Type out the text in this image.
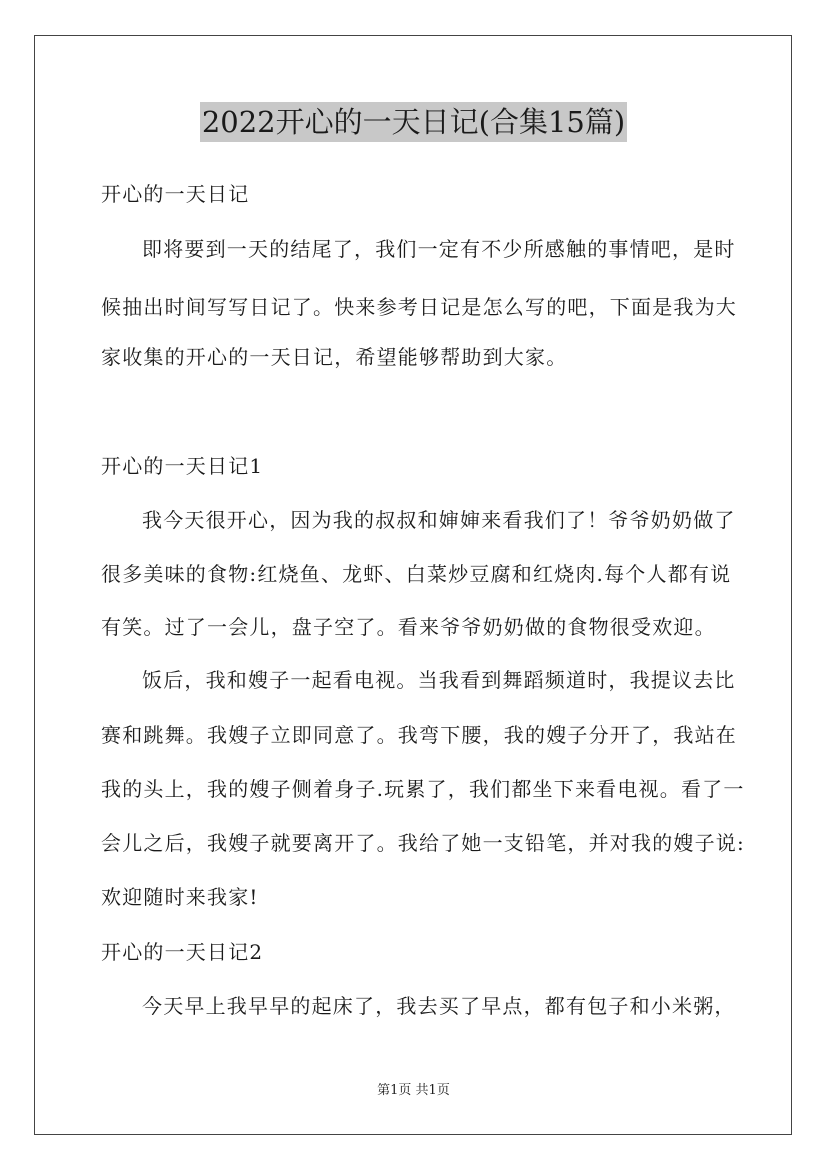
2022开心的一天日记(合集15篇)
开心的一天日记
即将要到一天的结尾了，我们一定有不少所感触的事情吧，是时
候抽出时间写写日记了。快来参考日记是怎么写的吧，下面是我为大
家收集的开心的一天日记，希望能够帮助到大家。
开心的一天日记1
我今天很开心，因为我的叔叔和婶婶来看我们了！爷爷奶奶做了
很多美味的食物:红烧鱼、龙虾、白菜炒豆腐和红烧肉.每个人都有说
有笑。过了一会儿，盘子空了。看来爷爷奶奶做的食物很受欢迎。
饭后，我和嫂子一起看电视。当我看到舞蹈频道时，我提议去比
赛和跳舞。我嫂子立即同意了。我弯下腰，我的嫂子分开了，我站在
我的头上，我的嫂子侧着身子.玩累了，我们都坐下来看电视。看了一
会儿之后，我嫂子就要离开了。我给了她一支铅笔，并对我的嫂子说:
欢迎随时来我家!
开心的一天日记2
今天早上我早早的起床了，我去买了早点，都有包子和小米粥，
第1页 共1页
